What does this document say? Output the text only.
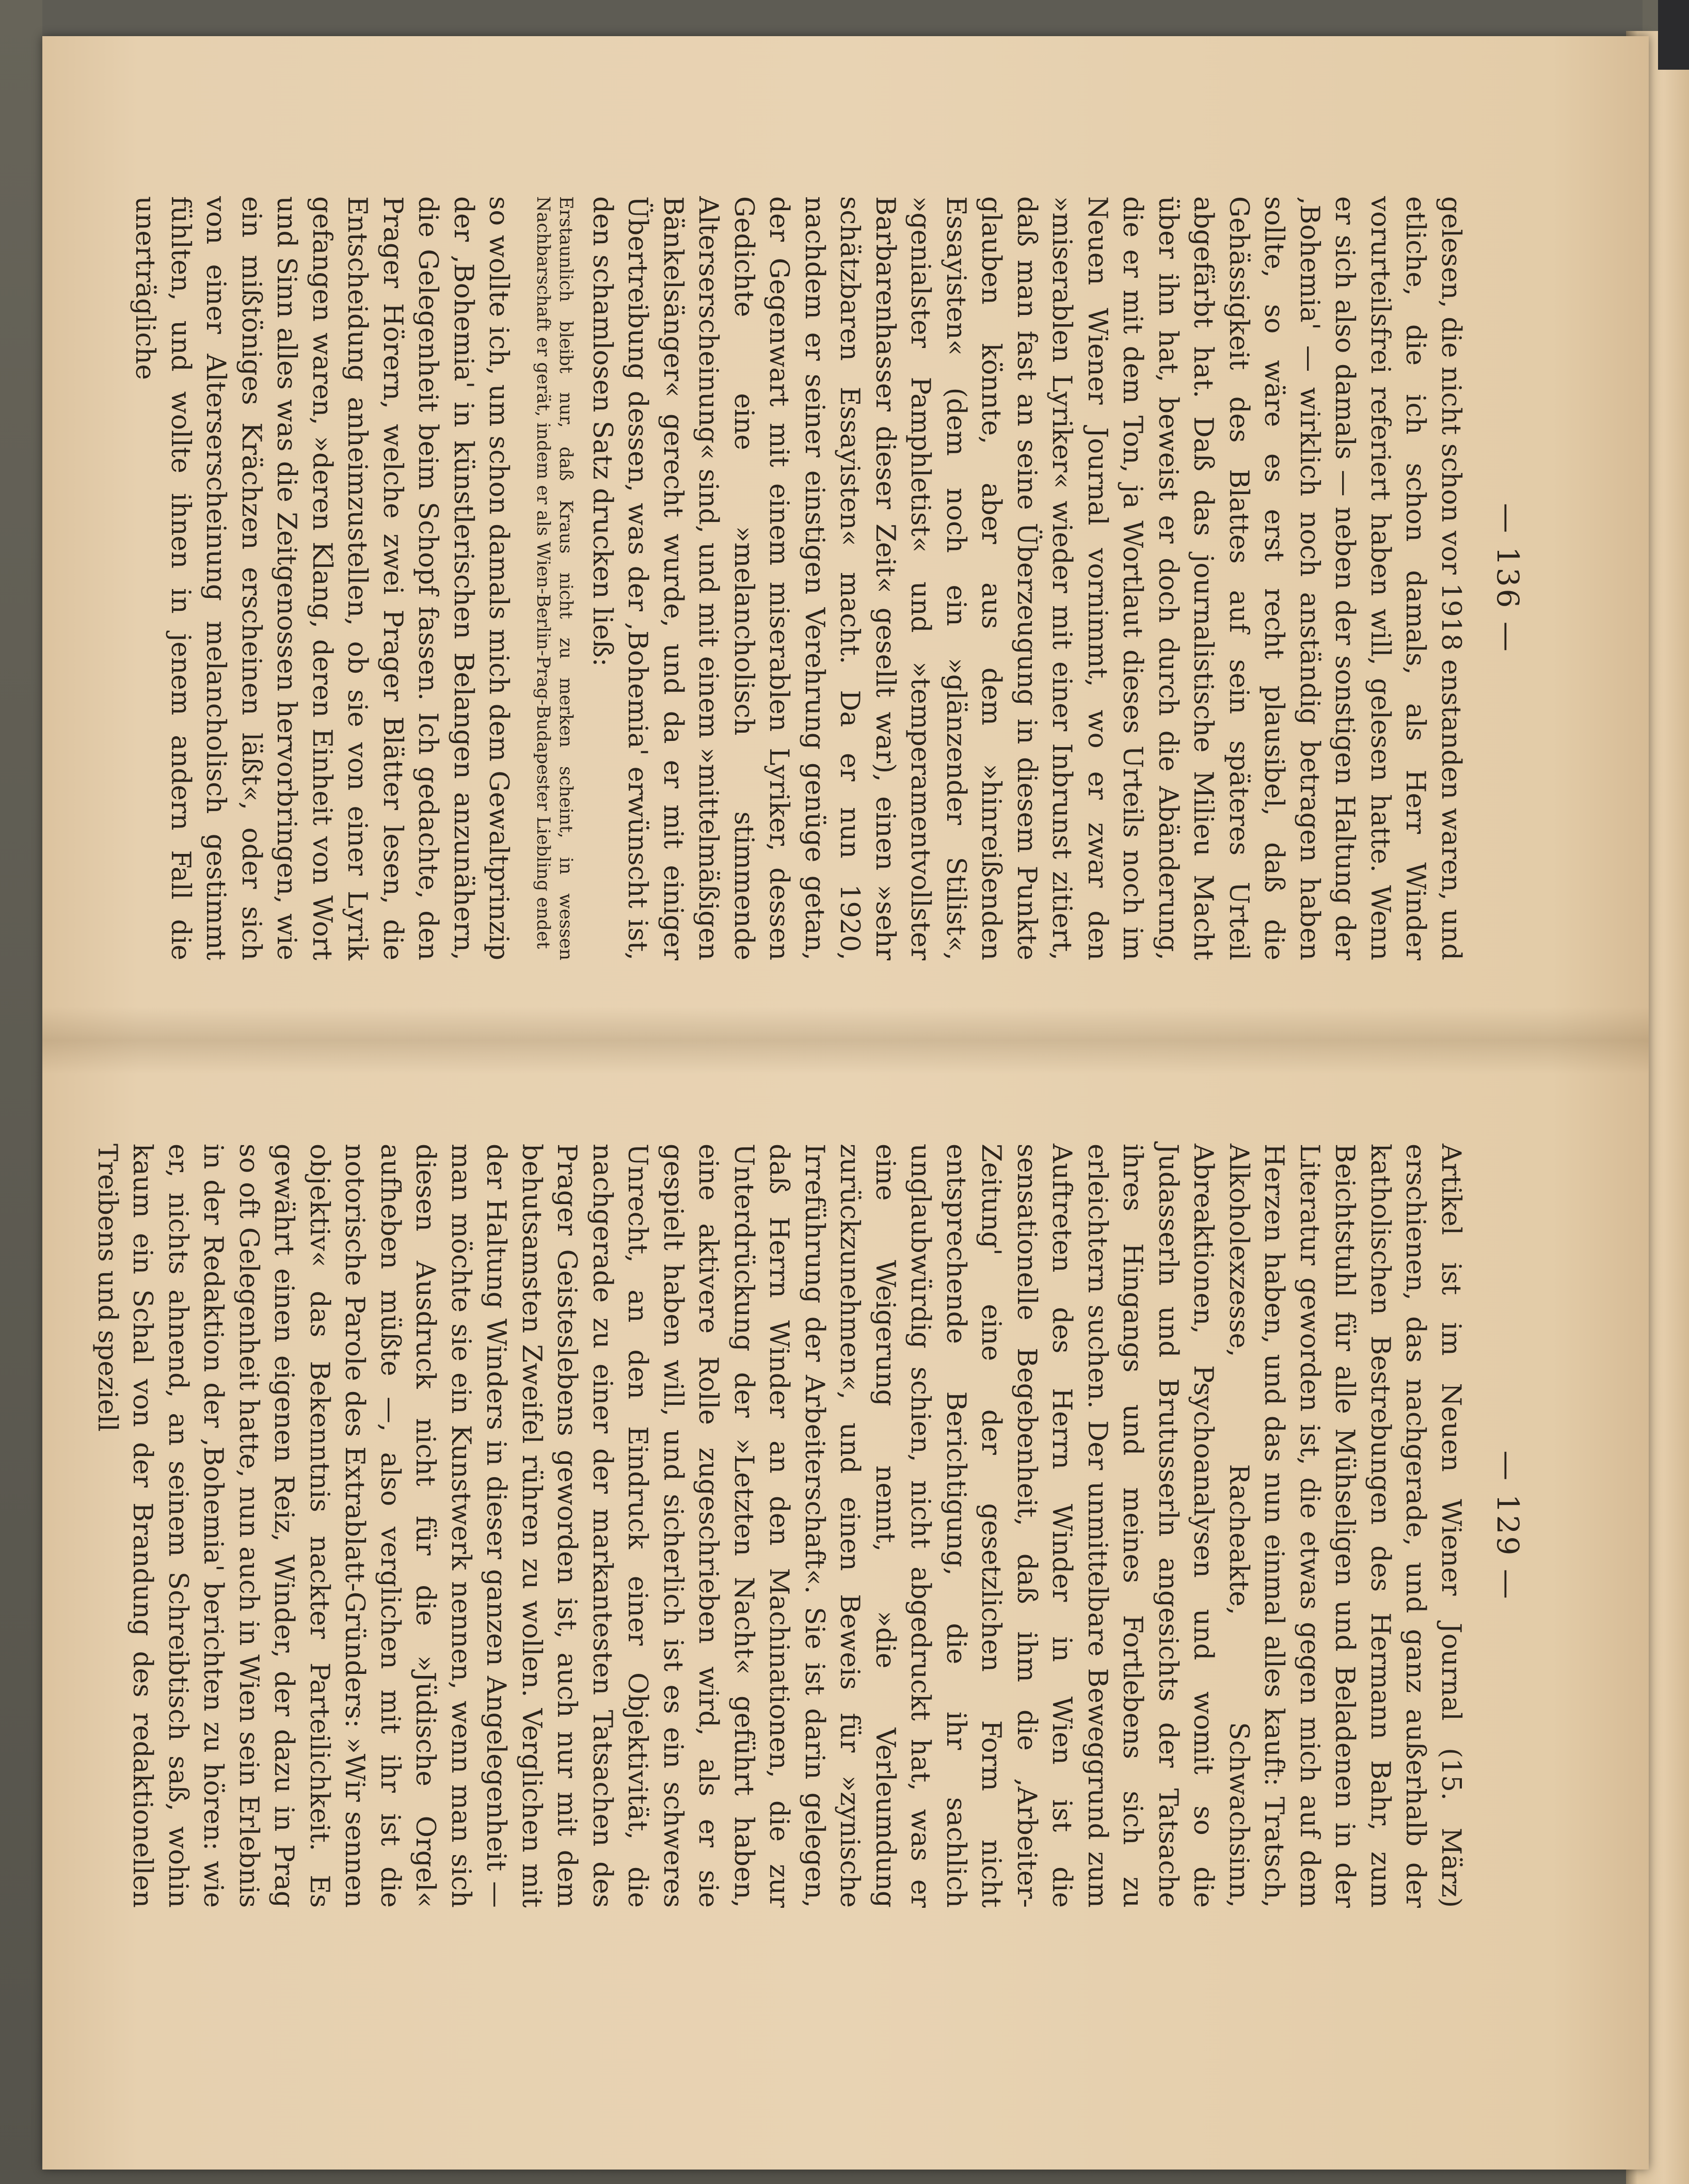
— 136 —

gelesen, die nicht schon vor 1918 enstanden waren, und etliche, die ich schon damals, als Herr Winder vorurteilsfrei referiert haben will, gelesen hatte. Wenn er sich also damals — neben der sonstigen Haltung der ‚Bohemia' — wirklich noch anständig betragen haben sollte, so wäre es erst recht plausibel, daß die Gehässigkeit des Blattes auf sein späteres Urteil abgefärbt hat. Daß das journalistische Milieu Macht über ihn hat, beweist er doch durch die Abänderung, die er mit dem Ton, ja Wortlaut dieses Urteils noch im Neuen Wiener Journal vornimmt, wo er zwar den »miserablen Lyriker« wieder mit einer Inbrunst zitiert, daß man fast an seine Überzeugung in diesem Punkte glauben könnte, aber aus dem »hinreißenden Essayisten« (dem noch ein »glänzender Stilist«, »genialster Pamphletist« und »temperamentvollster Barbarenhasser dieser Zeit« gesellt war), einen »sehr schätzbaren Essayisten« macht. Da er nun 1920, nachdem er seiner einstigen Verehrung genüge getan, der Gegenwart mit einem miserablen Lyriker, dessen Gedichte eine »melancholisch stimmende Alterserscheinung« sind, und mit einem »mittelmäßigen Bänkelsänger« gerecht wurde, und da er mit einiger Übertreibung dessen, was der ‚Bohemia' erwünscht ist, den schamlosen Satz drucken ließ:

Erstaunlich bleibt nur, daß Kraus nicht zu merken scheint, in wessen Nachbarschaft er gerät, indem er als Wien-Berlin-Prag-Budapester Liebling endet

so wollte ich, um schon damals mich dem Gewaltprinzip der ‚Bohemia' in künstlerischen Belangen anzunähern, die Gelegenheit beim Schopf fassen. Ich gedachte, den Prager Hörern, welche zwei Prager Blätter lesen, die Entscheidung anheimzustellen, ob sie von einer Lyrik gefangen waren, »deren Klang, deren Einheit von Wort und Sinn alles was die Zeitgenossen hervorbringen, wie ein mißtöniges Krächzen erscheinen läßt«, oder sich von einer Alterserscheinung melancholisch gestimmt fühlten, und wollte ihnen in jenem andern Fall die unerträgliche

— 129 —

Artikel ist im Neuen Wiener Journal (15. März) erschienen, das nachgerade, und ganz außerhalb der katholischen Bestrebungen des Hermann Bahr, zum Beichtstuhl für alle Mühseligen und Beladenen in der Literatur geworden ist, die etwas gegen mich auf dem Herzen haben, und das nun einmal alles kauft: Tratsch, Alkoholexzesse, Racheakte, Schwachsinn, Abreaktionen, Psychoanalysen und womit so die Judasserln und Brutusserln angesichts der Tatsache ihres Hingangs und meines Fortlebens sich zu erleichtern suchen. Der unmittelbare Beweggrund zum Auftreten des Herrn Winder in Wien ist die sensationelle Begebenheit, daß ihm die ‚Arbeiter-Zeitung' eine der gesetzlichen Form nicht entsprechende Berichtigung, die ihr sachlich unglaubwürdig schien, nicht abgedruckt hat, was er eine Weigerung nennt, »die Verleumdung zurückzunehmen«, und einen Beweis für »zynische Irreführung der Arbeiterschaft«. Sie ist darin gelegen, daß Herrn Winder an den Machinationen, die zur Unterdrückung der »Letzten Nacht« geführt haben, eine aktivere Rolle zugeschrieben wird, als er sie gespielt haben will, und sicherlich ist es ein schweres Unrecht, an den Eindruck einer Objektivität, die nachgerade zu einer der markantesten Tatsachen des Prager Geisteslebens geworden ist, auch nur mit dem behutsamsten Zweifel rühren zu wollen. Verglichen mit der Haltung Winders in dieser ganzen Angelegenheit — man möchte sie ein Kunstwerk nennen, wenn man sich diesen Ausdruck nicht für die »Jüdische Orgel« aufheben müßte —, also verglichen mit ihr ist die notorische Parole des Extrablatt-Gründers: »Wir sennen objektiv« das Bekenntnis nackter Parteilichkeit. Es gewährt einen eigenen Reiz, Winder, der dazu in Prag so oft Gelegenheit hatte, nun auch in Wien sein Erlebnis in der Redaktion der ‚Bohemia' berichten zu hören: wie er, nichts ahnend, an seinem Schreibtisch saß, wohin kaum ein Schal von der Brandung des redaktionellen Treibens und speziell
